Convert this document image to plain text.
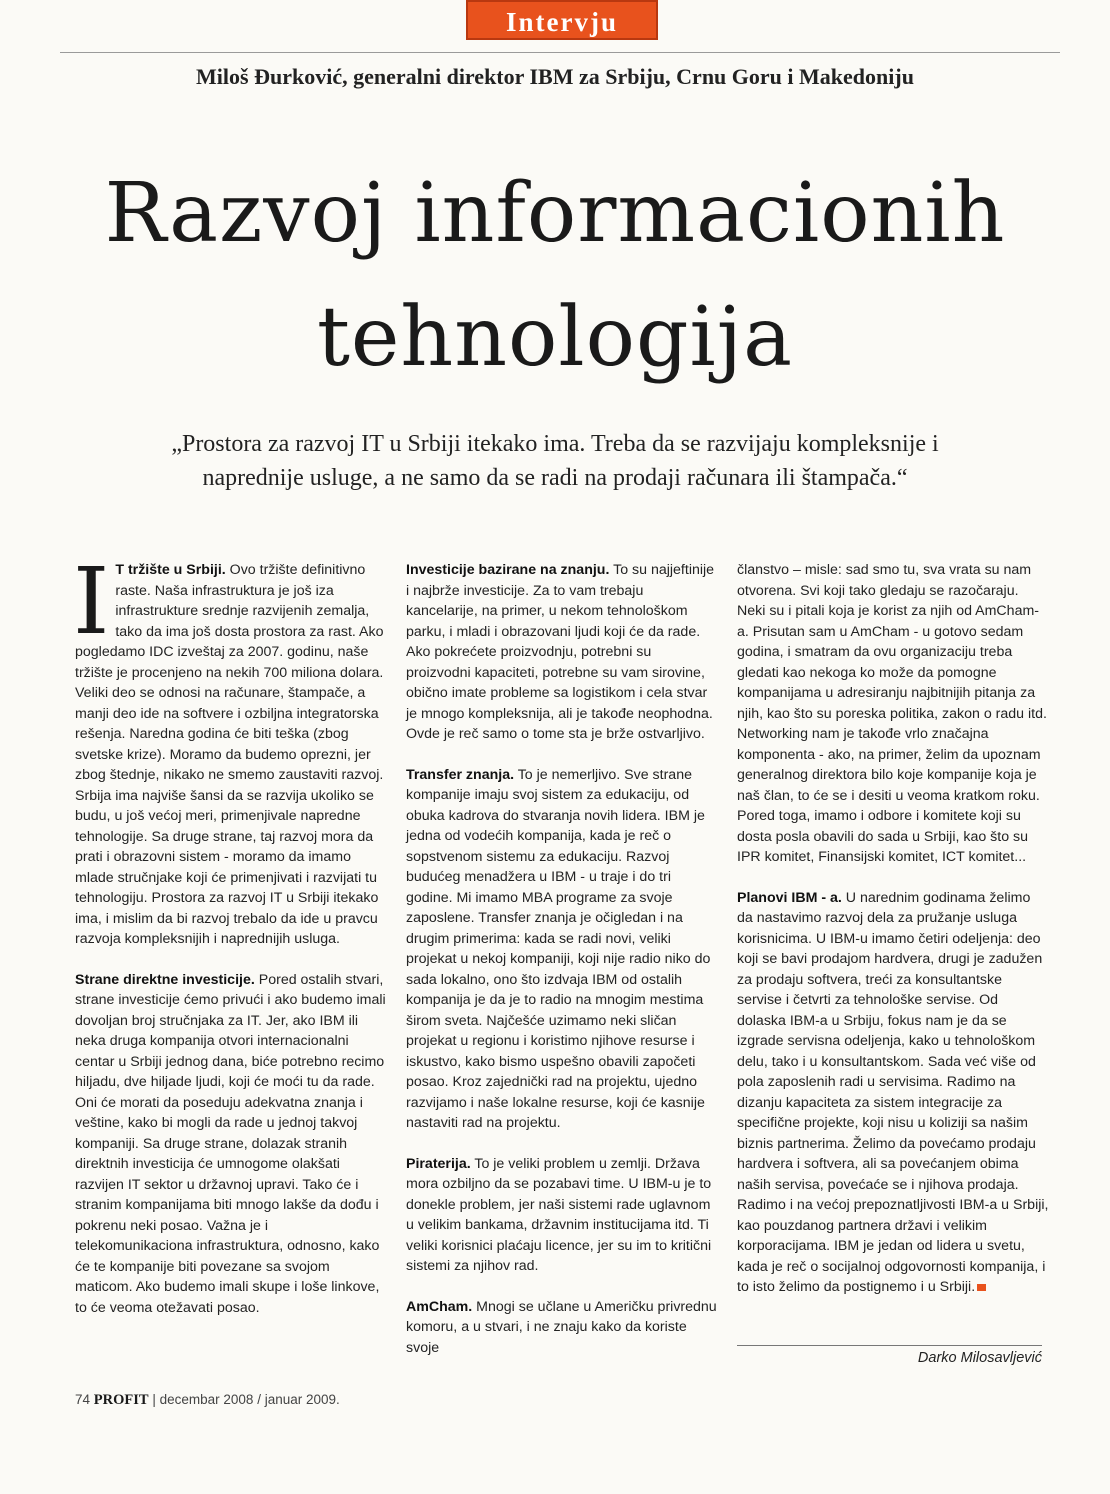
Intervju
Miloš Đurković, generalni direktor IBM za Srbiju, Crnu Goru i Makedoniju
Razvoj informacionih
tehnologija
„Prostora za razvoj IT u Srbiji itekako ima. Treba da se razvijaju kompleksnije i
naprednije usluge, a ne samo da se radi na prodaji računara ili štampača.“

I T tržište u Srbiji. Ovo tržište definitivno raste. Naša infrastruktura je još iza infrastrukture srednje razvijenih zemalja, tako da ima još dosta prostora za rast. Ako pogledamo IDC izveštaj za 2007. godinu, naše tržište je procenjeno na nekih 700 miliona dolara. Veliki deo se odnosi na računare, štampače, a manji deo ide na softvere i ozbiljna integratorska rešenja. Naredna godina će biti teška (zbog svetske krize). Moramo da budemo oprezni, jer zbog štednje, nikako ne smemo zaustaviti razvoj. Srbija ima najviše šansi da se razvija ukoliko se budu, u još većoj meri, primenjivale napredne tehnologije. Sa druge strane, taj razvoj mora da prati i obrazovni sistem - moramo da imamo mlade stručnjake koji će primenjivati i razvijati tu tehnologiju. Prostora za razvoj IT u Srbiji itekako ima, i mislim da bi razvoj trebalo da ide u pravcu razvoja kompleksnijih i naprednijih usluga.

Strane direktne investicije. Pored ostalih stvari, strane investicije ćemo privući i ako budemo imali dovoljan broj stručnjaka za IT. Jer, ako IBM ili neka druga kompanija otvori internacionalni centar u Srbiji jednog dana, biće potrebno recimo hiljadu, dve hiljade ljudi, koji će moći tu da rade. Oni će morati da poseduju adekvatna znanja i veštine, kako bi mogli da rade u jednoj takvoj kompaniji. Sa druge strane, dolazak stranih direktnih investicija će umnogome olakšati razvijen IT sektor u državnoj upravi. Tako će i stranim kompanijama biti mnogo lakše da dođu i pokrenu neki posao. Važna je i telekomunikaciona infrastruktura, odnosno, kako će te kompanije biti povezane sa svojom maticom. Ako budemo imali skupe i loše linkove, to će veoma otežavati posao.

Investicije bazirane na znanju. To su najjeftinije i najbrže investicije. Za to vam trebaju kancelarije, na primer, u nekom tehnološkom parku, i mladi i obrazovani ljudi koji će da rade. Ako pokrećete proizvodnju, potrebni su proizvodni kapaciteti, potrebne su vam sirovine, obično imate probleme sa logistikom i cela stvar je mnogo kompleksnija, ali je takođe neophodna. Ovde je reč samo o tome sta je brže ostvarljivo.

Transfer znanja. To je nemerljivo. Sve strane kompanije imaju svoj sistem za edukaciju, od obuka kadrova do stvaranja novih lidera. IBM je jedna od vodećih kompanija, kada je reč o sopstvenom sistemu za edukaciju. Razvoj budućeg menadžera u IBM - u traje i do tri godine. Mi imamo MBA programe za svoje zaposlene. Transfer znanja je očigledan i na drugim primerima: kada se radi novi, veliki projekat u nekoj kompaniji, koji nije radio niko do sada lokalno, ono što izdvaja IBM od ostalih kompanija je da je to radio na mnogim mestima širom sveta. Najčešće uzimamo neki sličan projekat u regionu i koristimo njihove resurse i iskustvo, kako bismo uspešno obavili započeti posao. Kroz zajednički rad na projektu, ujedno razvijamo i naše lokalne resurse, koji će kasnije nastaviti rad na projektu.

Piraterija. To je veliki problem u zemlji. Država mora ozbiljno da se pozabavi time. U IBM-u je to donekle problem, jer naši sistemi rade uglavnom u velikim bankama, državnim institucijama itd. Ti veliki korisnici plaćaju licence, jer su im to kritični sistemi za njihov rad.

AmCham. Mnogi se učlane u Američku privrednu komoru, a u stvari, i ne znaju kako da koriste svoje

članstvo – misle: sad smo tu, sva vrata su nam otvorena. Svi koji tako gledaju se razočaraju. Neki su i pitali koja je korist za njih od AmCham-a. Prisutan sam u AmCham - u gotovo sedam godina, i smatram da ovu organizaciju treba gledati kao nekoga ko može da pomogne kompanijama u adresiranju najbitnijih pitanja za njih, kao što su poreska politika, zakon o radu itd. Networking nam je takođe vrlo značajna komponenta - ako, na primer, želim da upoznam generalnog direktora bilo koje kompanije koja je naš član, to će se i desiti u veoma kratkom roku. Pored toga, imamo i odbore i komitete koji su dosta posla obavili do sada u Srbiji, kao što su IPR komitet, Finansijski komitet, ICT komitet...

Planovi IBM - a. U narednim godinama želimo da nastavimo razvoj dela za pružanje usluga korisnicima. U IBM-u imamo četiri odeljenja: deo koji se bavi prodajom hardvera, drugi je zadužen za prodaju softvera, treći za konsultantske servise i četvrti za tehnološke servise. Od dolaska IBM-a u Srbiju, fokus nam je da se izgrade servisna odeljenja, kako u tehnološkom delu, tako i u konsultantskom. Sada već više od pola zaposlenih radi u servisima. Radimo na dizanju kapaciteta za sistem integracije za specifične projekte, koji nisu u koliziji sa našim biznis partnerima. Želimo da povećamo prodaju hardvera i softvera, ali sa povećanjem obima naših servisa, povećaće se i njihova prodaja. Radimo i na većoj prepoznatljivosti IBM-a u Srbiji, kao pouzdanog partnera državi i velikim korporacijama. IBM je jedan od lidera u svetu, kada je reč o socijalnoj odgovornosti kompanija, i to isto želimo da postignemo i u Srbiji.

Darko Milosavljević
74 PROFIT | decembar 2008 / januar 2009.
